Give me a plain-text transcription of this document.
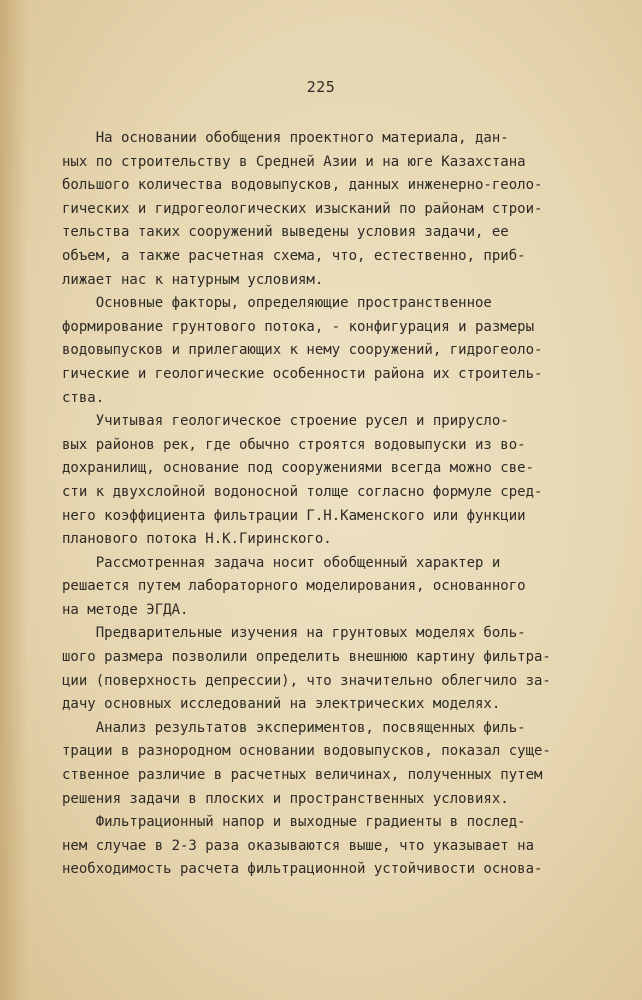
225
На основании обобщения проектного материала, дан-
ных по строительству в Средней Азии и на юге Казахстана
большого количества водовыпусков, данных инженерно-геоло-
гических и гидрогеологических изысканий по районам строи-
тельства таких сооружений выведены условия задачи, ее
объем, а также расчетная схема, что, естественно, приб-
лижает нас к натурным условиям.
Основные факторы, определяющие пространственное
формирование грунтового потока, - конфигурация и размеры
водовыпусков и прилегающих к нему сооружений, гидрогеоло-
гические и геологические особенности района их строитель-
ства.
Учитывая геологическое строение русел и прирусло-
вых районов рек, где обычно строятся водовыпуски из во-
дохранилищ, основание под сооружениями всегда можно све-
сти к двухслойной водоносной толще согласно формуле сред-
него коэффициента фильтрации Г.Н.Каменского или функции
планового потока Н.К.Гиринского.
Рассмотренная задача носит обобщенный характер и
решается путем лабораторного моделирования, основанного
на методе ЭГДА.
Предварительные изучения на грунтовых моделях боль-
шого размера позволили определить внешнюю картину фильтра-
ции (поверхность депрессии), что значительно облегчило за-
дачу основных исследований на электрических моделях.
Анализ результатов экспериментов, посвященных филь-
трации в разнородном основании водовыпусков, показал суще-
ственное различие в расчетных величинах, полученных путем
решения задачи в плоских и пространственных условиях.
Фильтрационный напор и выходные градиенты в послед-
нем случае в 2-3 раза оказываются выше, что указывает на
необходимость расчета фильтрационной устойчивости основа-
